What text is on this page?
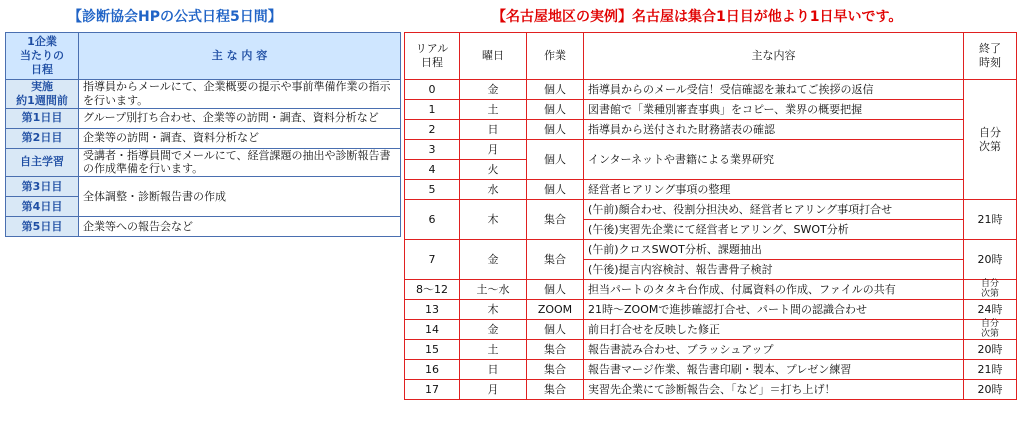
【診断協会HPの公式日程5日間】	【名古屋地区の実例】名古屋は集合1日目が他より1日早いです。
1企業
当たりの
日程	主 な 内 容
実施
約1週間前	指導員からメールにて、企業概要の提示や事前準備作業の指示を行います。

第1日目	グループ別打ち合わせ、企業等の訪問・調査、資料分析など

第2日目	企業等の訪問・調査、資料分析など

自主学習	受講者・指導員間でメールにて、経営課題の抽出や診断報告書の作成準備を行います。

第3日目	全体調整・診断報告書の作成
第4日目	
第5日目	企業等への報告会など
リアル
日程	曜日	作業	主な内容	終了
時刻
0	金	個人	指導員からのメール受信！受信確認を兼ねてご挨拶の返信	自分
次第
1	土	個人	図書館で「業種別審査事典」をコピー、業界の概要把握	
2	日	個人	指導員から送付された財務諸表の確認	
3	月	個人	インターネットや書籍による業界研究	
4	火			
5	水	個人	経営者ヒアリング事項の整理	
6	木	集合	(午前)顔合わせ、役割分担決め、経営者ヒアリング事項打合せ	21時
			(午後)実習先企業にて経営者ヒアリング、SWOT分析	
7	金	集合	(午前)クロスSWOT分析、課題抽出	20時
			(午後)提言内容検討、報告書骨子検討	
8～12	土～水	個人	担当パートのタタキ台作成、付属資料の作成、ファイルの共有	自分
次第
13	木	ZOOM	21時～ZOOMで進捗確認打合せ、パート間の認識合わせ	24時
14	金	個人	前日打合せを反映した修正	自分
次第
15	土	集合	報告書読み合わせ、ブラッシュアップ	20時
16	日	集合	報告書マージ作業、報告書印刷・製本、プレゼン練習	21時
17	月	集合	実習先企業にて診断報告会、「など」＝打ち上げ！	20時
